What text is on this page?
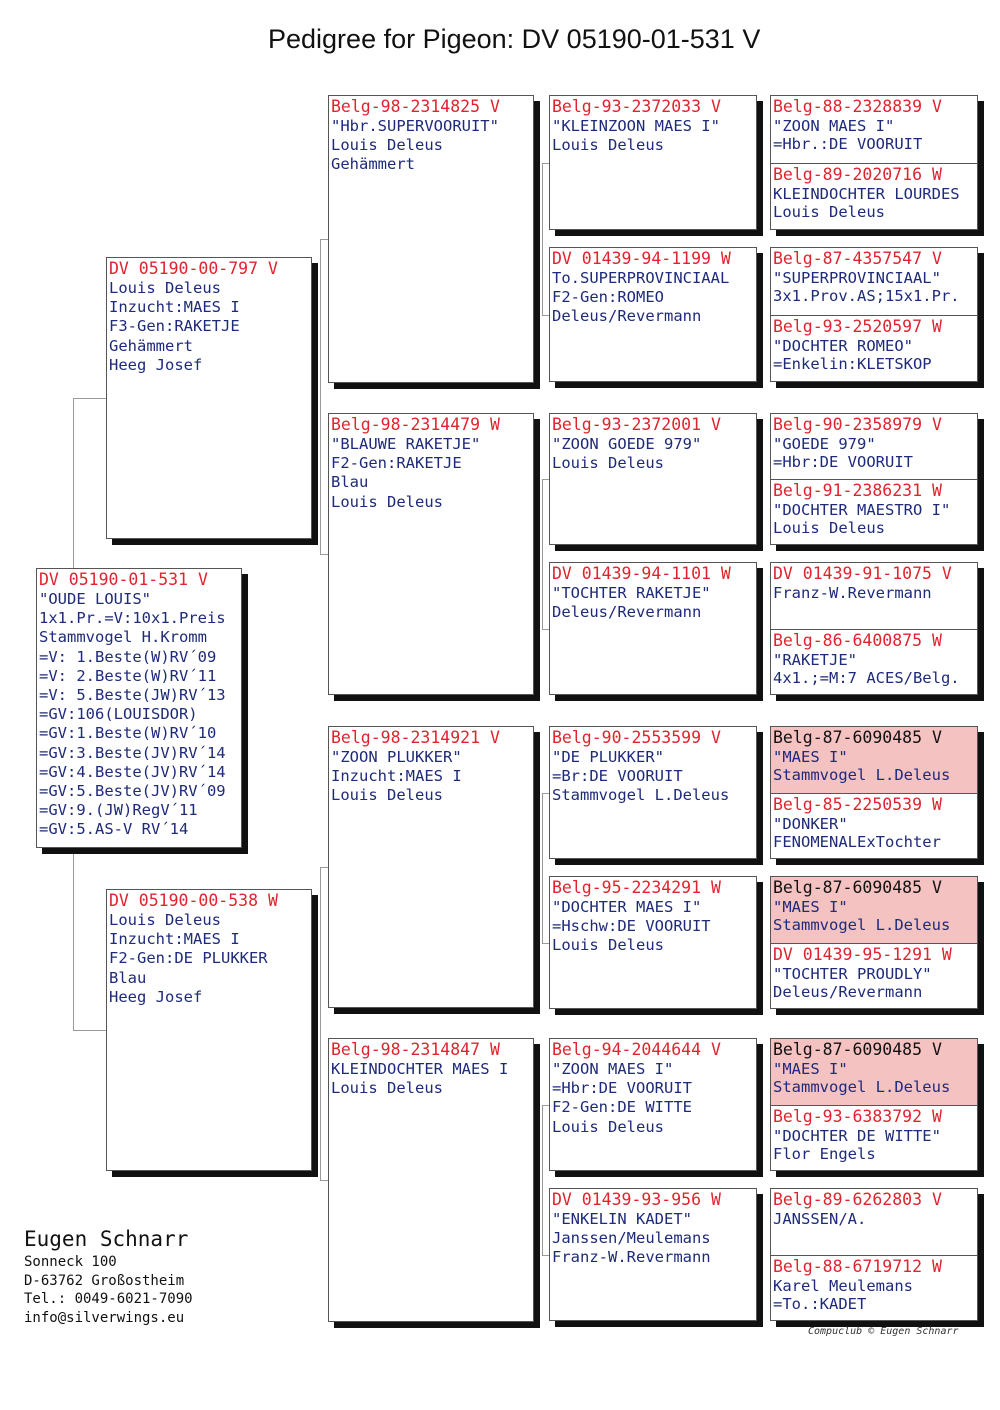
Pedigree for Pigeon: DV 05190-01-531 V
DV 05190-01-531 V
"OUDE LOUIS"
1x1.Pr.=V:10x1.Preis
Stammvogel H.Kromm
=V: 1.Beste(W)RV´09
=V: 2.Beste(W)RV´11
=V: 5.Beste(JW)RV´13
=GV:106(LOUISDOR)
=GV:1.Beste(W)RV´10
=GV:3.Beste(JV)RV´14
=GV:4.Beste(JV)RV´14
=GV:5.Beste(JV)RV´09
=GV:9.(JW)RegV´11
=GV:5.AS-V RV´14
DV 05190-00-797 V
Louis Deleus
Inzucht:MAES I
F3-Gen:RAKETJE
Gehämmert
Heeg Josef
DV 05190-00-538 W
Louis Deleus
Inzucht:MAES I
F2-Gen:DE PLUKKER
Blau
Heeg Josef
Belg-98-2314825 V
"Hbr.SUPERVOORUIT"
Louis Deleus
Gehämmert
Belg-98-2314479 W
"BLAUWE RAKETJE"
F2-Gen:RAKETJE
Blau
Louis Deleus
Belg-98-2314921 V
"ZOON PLUKKER"
Inzucht:MAES I
Louis Deleus
Belg-98-2314847 W
KLEINDOCHTER MAES I
Louis Deleus
Belg-93-2372033 V
"KLEINZOON MAES I"
Louis Deleus
DV 01439-94-1199 W
To.SUPERPROVINCIAAL
F2-Gen:ROMEO
Deleus/Revermann
Belg-93-2372001 V
"ZOON GOEDE 979"
Louis Deleus
DV 01439-94-1101 W
"TOCHTER RAKETJE"
Deleus/Revermann
Belg-90-2553599 V
"DE PLUKKER"
=Br:DE VOORUIT
Stammvogel L.Deleus
Belg-95-2234291 W
"DOCHTER MAES I"
=Hschw:DE VOORUIT
Louis Deleus
Belg-94-2044644 V
"ZOON MAES I"
=Hbr:DE VOORUIT
F2-Gen:DE WITTE
Louis Deleus
DV 01439-93-956 W
"ENKELIN KADET"
Janssen/Meulemans
Franz-W.Revermann
Belg-88-2328839 V
"ZOON MAES I"
=Hbr.:DE VOORUIT
Belg-89-2020716 W
KLEINDOCHTER LOURDES
Louis Deleus
Belg-87-4357547 V
"SUPERPROVINCIAAL"
3x1.Prov.AS;15x1.Pr.
Belg-93-2520597 W
"DOCHTER ROMEO"
=Enkelin:KLETSKOP
Belg-90-2358979 V
"GOEDE 979"
=Hbr:DE VOORUIT
Belg-91-2386231 W
"DOCHTER MAESTRO I"
Louis Deleus
DV 01439-91-1075 V
Franz-W.Revermann
Belg-86-6400875 W
"RAKETJE"
4x1.;=M:7 ACES/Belg.
Belg-87-6090485 V
"MAES I"
Stammvogel L.Deleus
Belg-85-2250539 W
"DONKER"
FENOMENALExTochter
Belg-87-6090485 V
"MAES I"
Stammvogel L.Deleus
DV 01439-95-1291 W
"TOCHTER PROUDLY"
Deleus/Revermann
Belg-87-6090485 V
"MAES I"
Stammvogel L.Deleus
Belg-93-6383792 W
"DOCHTER DE WITTE"
Flor Engels
Belg-89-6262803 V
JANSSEN/A.
Belg-88-6719712 W
Karel Meulemans
=To.:KADET
Eugen Schnarr
Sonneck 100
D-63762 Großostheim
Tel.: 0049-6021-7090
info@silverwings.eu
Compuclub © Eugen Schnarr
